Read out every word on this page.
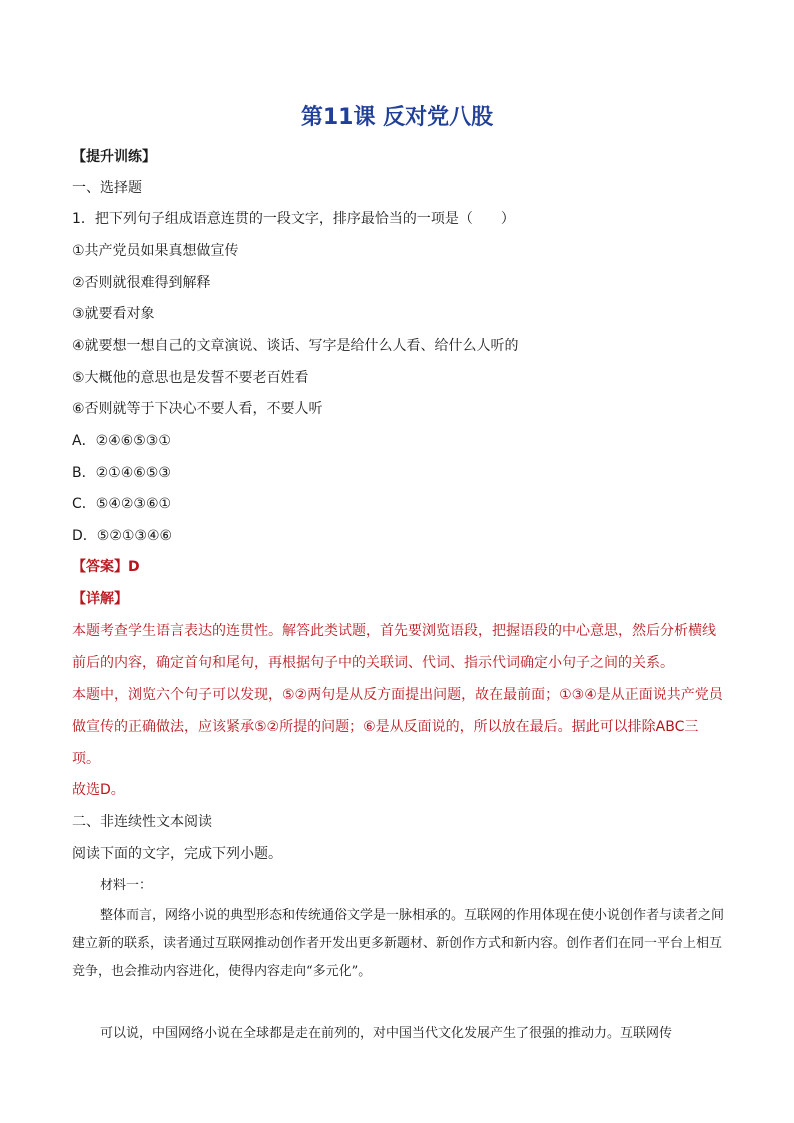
第11课 反对党八股
【提升训练】
一、选择题
1．把下列句子组成语意连贯的一段文字，排序最恰当的一项是（　　）
①共产党员如果真想做宣传
②否则就很难得到解释
③就要看对象
④就要想一想自己的文章演说、谈话、写字是给什么人看、给什么人听的
⑤大概他的意思也是发誓不要老百姓看
⑥否则就等于下决心不要人看，不要人听
A．②④⑥⑤③①
B．②①④⑥⑤③
C．⑤④②③⑥①
D．⑤②①③④⑥
【答案】D
【详解】
本题考查学生语言表达的连贯性。解答此类试题，首先要浏览语段，把握语段的中心意思，然后分析横线前后的内容，确定首句和尾句，再根据句子中的关联词、代词、指示代词确定小句子之间的关系。
本题中，浏览六个句子可以发现，⑤②两句是从反方面提出问题，故在最前面；①③④是从正面说共产党员做宣传的正确做法，应该紧承⑤②所提的问题；⑥是从反面说的，所以放在最后。据此可以排除ABC三项。
故选D。
二、非连续性文本阅读
阅读下面的文字，完成下列小题。
材料一：
整体而言，网络小说的典型形态和传统通俗文学是一脉相承的。互联网的作用体现在使小说创作者与读者之间建立新的联系，读者通过互联网推动创作者开发出更多新题材、新创作方式和新内容。创作者们在同一平台上相互竞争，也会推动内容进化，使得内容走向“多元化”。
可以说，中国网络小说在全球都是走在前列的，对中国当代文化发展产生了很强的推动力。互联网传
